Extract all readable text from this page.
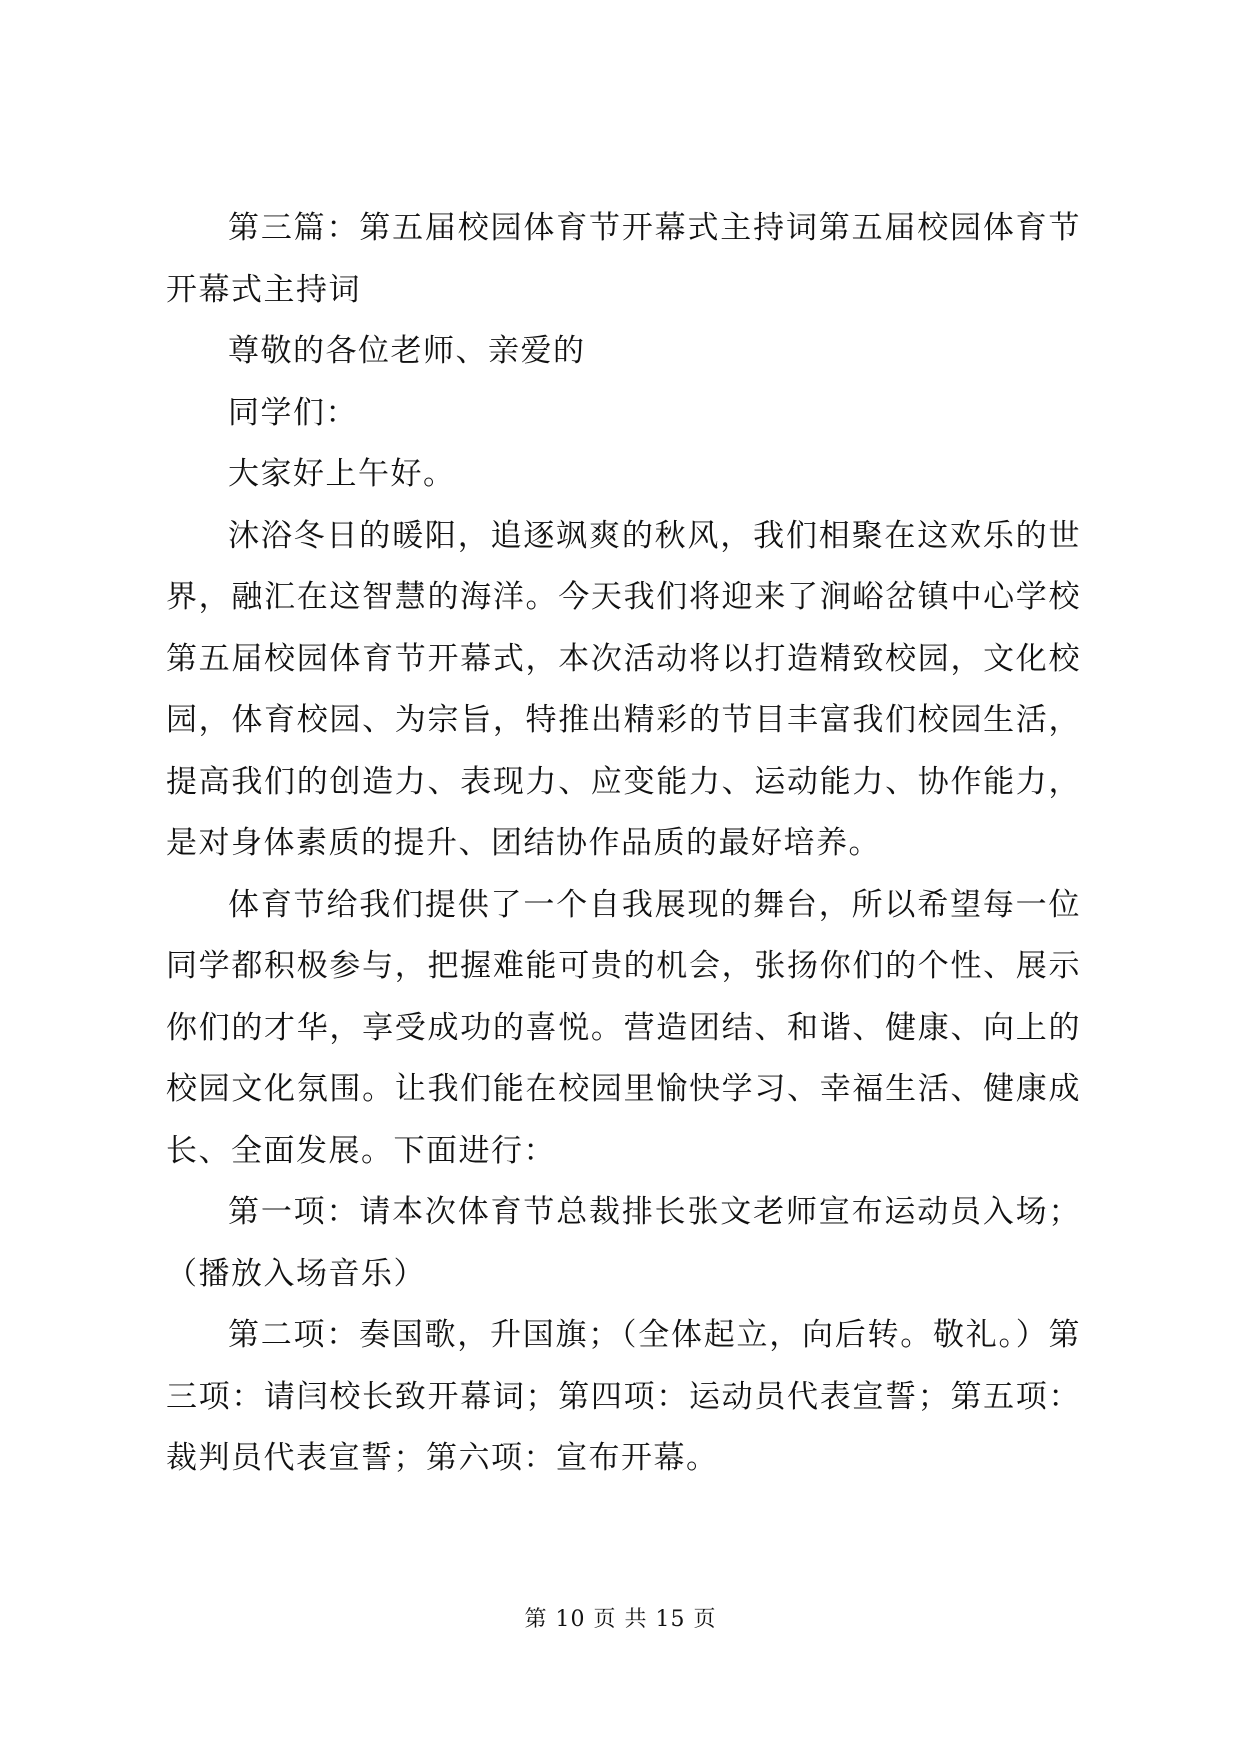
第三篇：第五届校园体育节开幕式主持词第五届校园体育节开幕式主持词

尊敬的各位老师、亲爱的

同学们：

大家好上午好。

沐浴冬日的暖阳，追逐飒爽的秋风，我们相聚在这欢乐的世界，融汇在这智慧的海洋。今天我们将迎来了涧峪岔镇中心学校第五届校园体育节开幕式，本次活动将以打造精致校园，文化校园，体育校园、为宗旨，特推出精彩的节目丰富我们校园生活，提高我们的创造力、表现力、应变能力、运动能力、协作能力，是对身体素质的提升、团结协作品质的最好培养。

体育节给我们提供了一个自我展现的舞台，所以希望每一位同学都积极参与，把握难能可贵的机会，张扬你们的个性、展示你们的才华，享受成功的喜悦。营造团结、和谐、健康、向上的校园文化氛围。让我们能在校园里愉快学习、幸福生活、健康成长、全面发展。下面进行：

第一项：请本次体育节总裁排长张文老师宣布运动员入场；（播放入场音乐）

第二项：奏国歌，升国旗；（全体起立，向后转。敬礼。）第三项：请闫校长致开幕词；第四项：运动员代表宣誓；第五项：裁判员代表宣誓；第六项：宣布开幕。

第 10 页 共 15 页
